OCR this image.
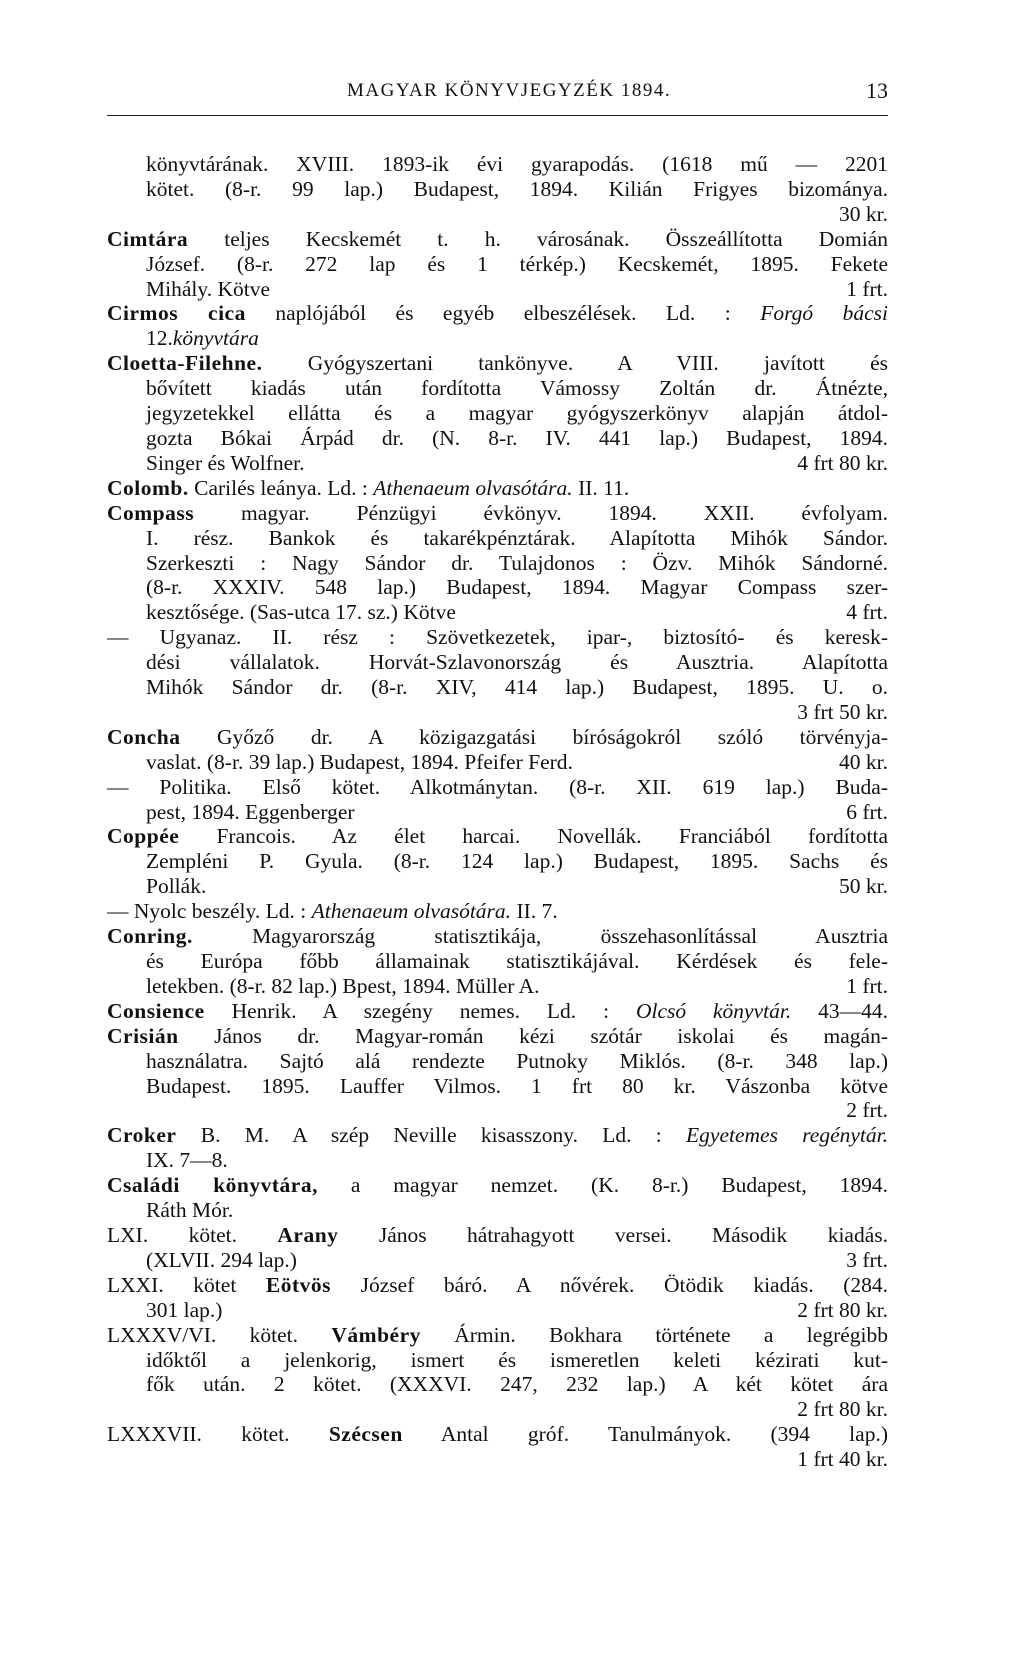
MAGYAR KÖNYVJEGYZÉK 1894.	13
könyvtárának. XVIII. 1893-ik évi gyarapodás. (1618 mű — 2201
kötet. (8-r. 99 lap.) Budapest, 1894. Kilián Frigyes bizománya.
30 kr.
Cimtára teljes Kecskemét t. h. városának. Összeállította Domián
József. (8-r. 272 lap és 1 térkép.) Kecskemét, 1895. Fekete
Mihály. Kötve	1 frt.
Cirmos cica naplójából és egyéb elbeszélések. Ld. : Forgó bácsi
12.könyvtára
Cloetta-Filehne. Gyógyszertani tankönyve. A VIII. javított és
bővített kiadás után fordította Vámossy Zoltán dr. Átnézte,
jegyzetekkel ellátta és a magyar gyógyszerkönyv alapján átdol-
gozta Bókai Árpád dr. (N. 8-r. IV. 441 lap.) Budapest, 1894.
Singer és Wolfner.	4 frt 80 kr.
Colomb. Carilés leánya. Ld. : Athenaeum olvasótára. II. 11.
Compass magyar. Pénzügyi évkönyv. 1894. XXII. évfolyam.
I. rész. Bankok és takarékpénztárak. Alapította Mihók Sándor.
Szerkeszti : Nagy Sándor dr. Tulajdonos : Özv. Mihók Sándorné.
(8-r. XXXIV. 548 lap.) Budapest, 1894. Magyar Compass szer-
kesztősége. (Sas-utca 17. sz.) Kötve	4 frt.
— Ugyanaz. II. rész : Szövetkezetek, ipar-, biztosító- és keresk-
dési vállalatok. Horvát-Szlavonország és Ausztria. Alapította
Mihók Sándor dr. (8-r. XIV, 414 lap.) Budapest, 1895. U. o.
3 frt 50 kr.
Concha Győző dr. A közigazgatási bíróságokról szóló törvényja-
vaslat. (8-r. 39 lap.) Budapest, 1894. Pfeifer Ferd.	40 kr.
— Politika. Első kötet. Alkotmánytan. (8-r. XII. 619 lap.) Buda-
pest, 1894. Eggenberger	6 frt.
Coppée Francois. Az élet harcai. Novellák. Franciából fordította
Zempléni P. Gyula. (8-r. 124 lap.) Budapest, 1895. Sachs és
Pollák.	50 kr.
— Nyolc beszély. Ld. : Athenaeum olvasótára. II. 7.
Conring. Magyarország statisztikája, összehasonlítással Ausztria
és Európa főbb államainak statisztikájával. Kérdések és fele-
letekben. (8-r. 82 lap.) Bpest, 1894. Müller A.	1 frt.
Consience Henrik. A szegény nemes. Ld. : Olcsó könyvtár. 43—44.
Crisián János dr. Magyar-román kézi szótár iskolai és magán-
használatra. Sajtó alá rendezte Putnoky Miklós. (8-r. 348 lap.)
Budapest. 1895. Lauffer Vilmos. 1 frt 80 kr. Vászonba kötve
2 frt.
Croker B. M. A szép Neville kisasszony. Ld. : Egyetemes regénytár.
IX. 7—8.
Családi könyvtára, a magyar nemzet. (K. 8-r.) Budapest, 1894.
Ráth Mór.
LXI. kötet. Arany János hátrahagyott versei. Második kiadás.
(XLVII. 294 lap.)	3 frt.
LXXI. kötet Eötvös József báró. A nővérek. Ötödik kiadás. (284.
301 lap.)	2 frt 80 kr.
LXXXV/VI. kötet. Vámbéry Ármin. Bokhara története a legrégibb
időktől a jelenkorig, ismert és ismeretlen keleti kézirati kut-
fők után. 2 kötet. (XXXVI. 247, 232 lap.) A két kötet ára
2 frt 80 kr.
LXXXVII. kötet. Szécsen Antal gróf. Tanulmányok. (394 lap.)
1 frt 40 kr.
